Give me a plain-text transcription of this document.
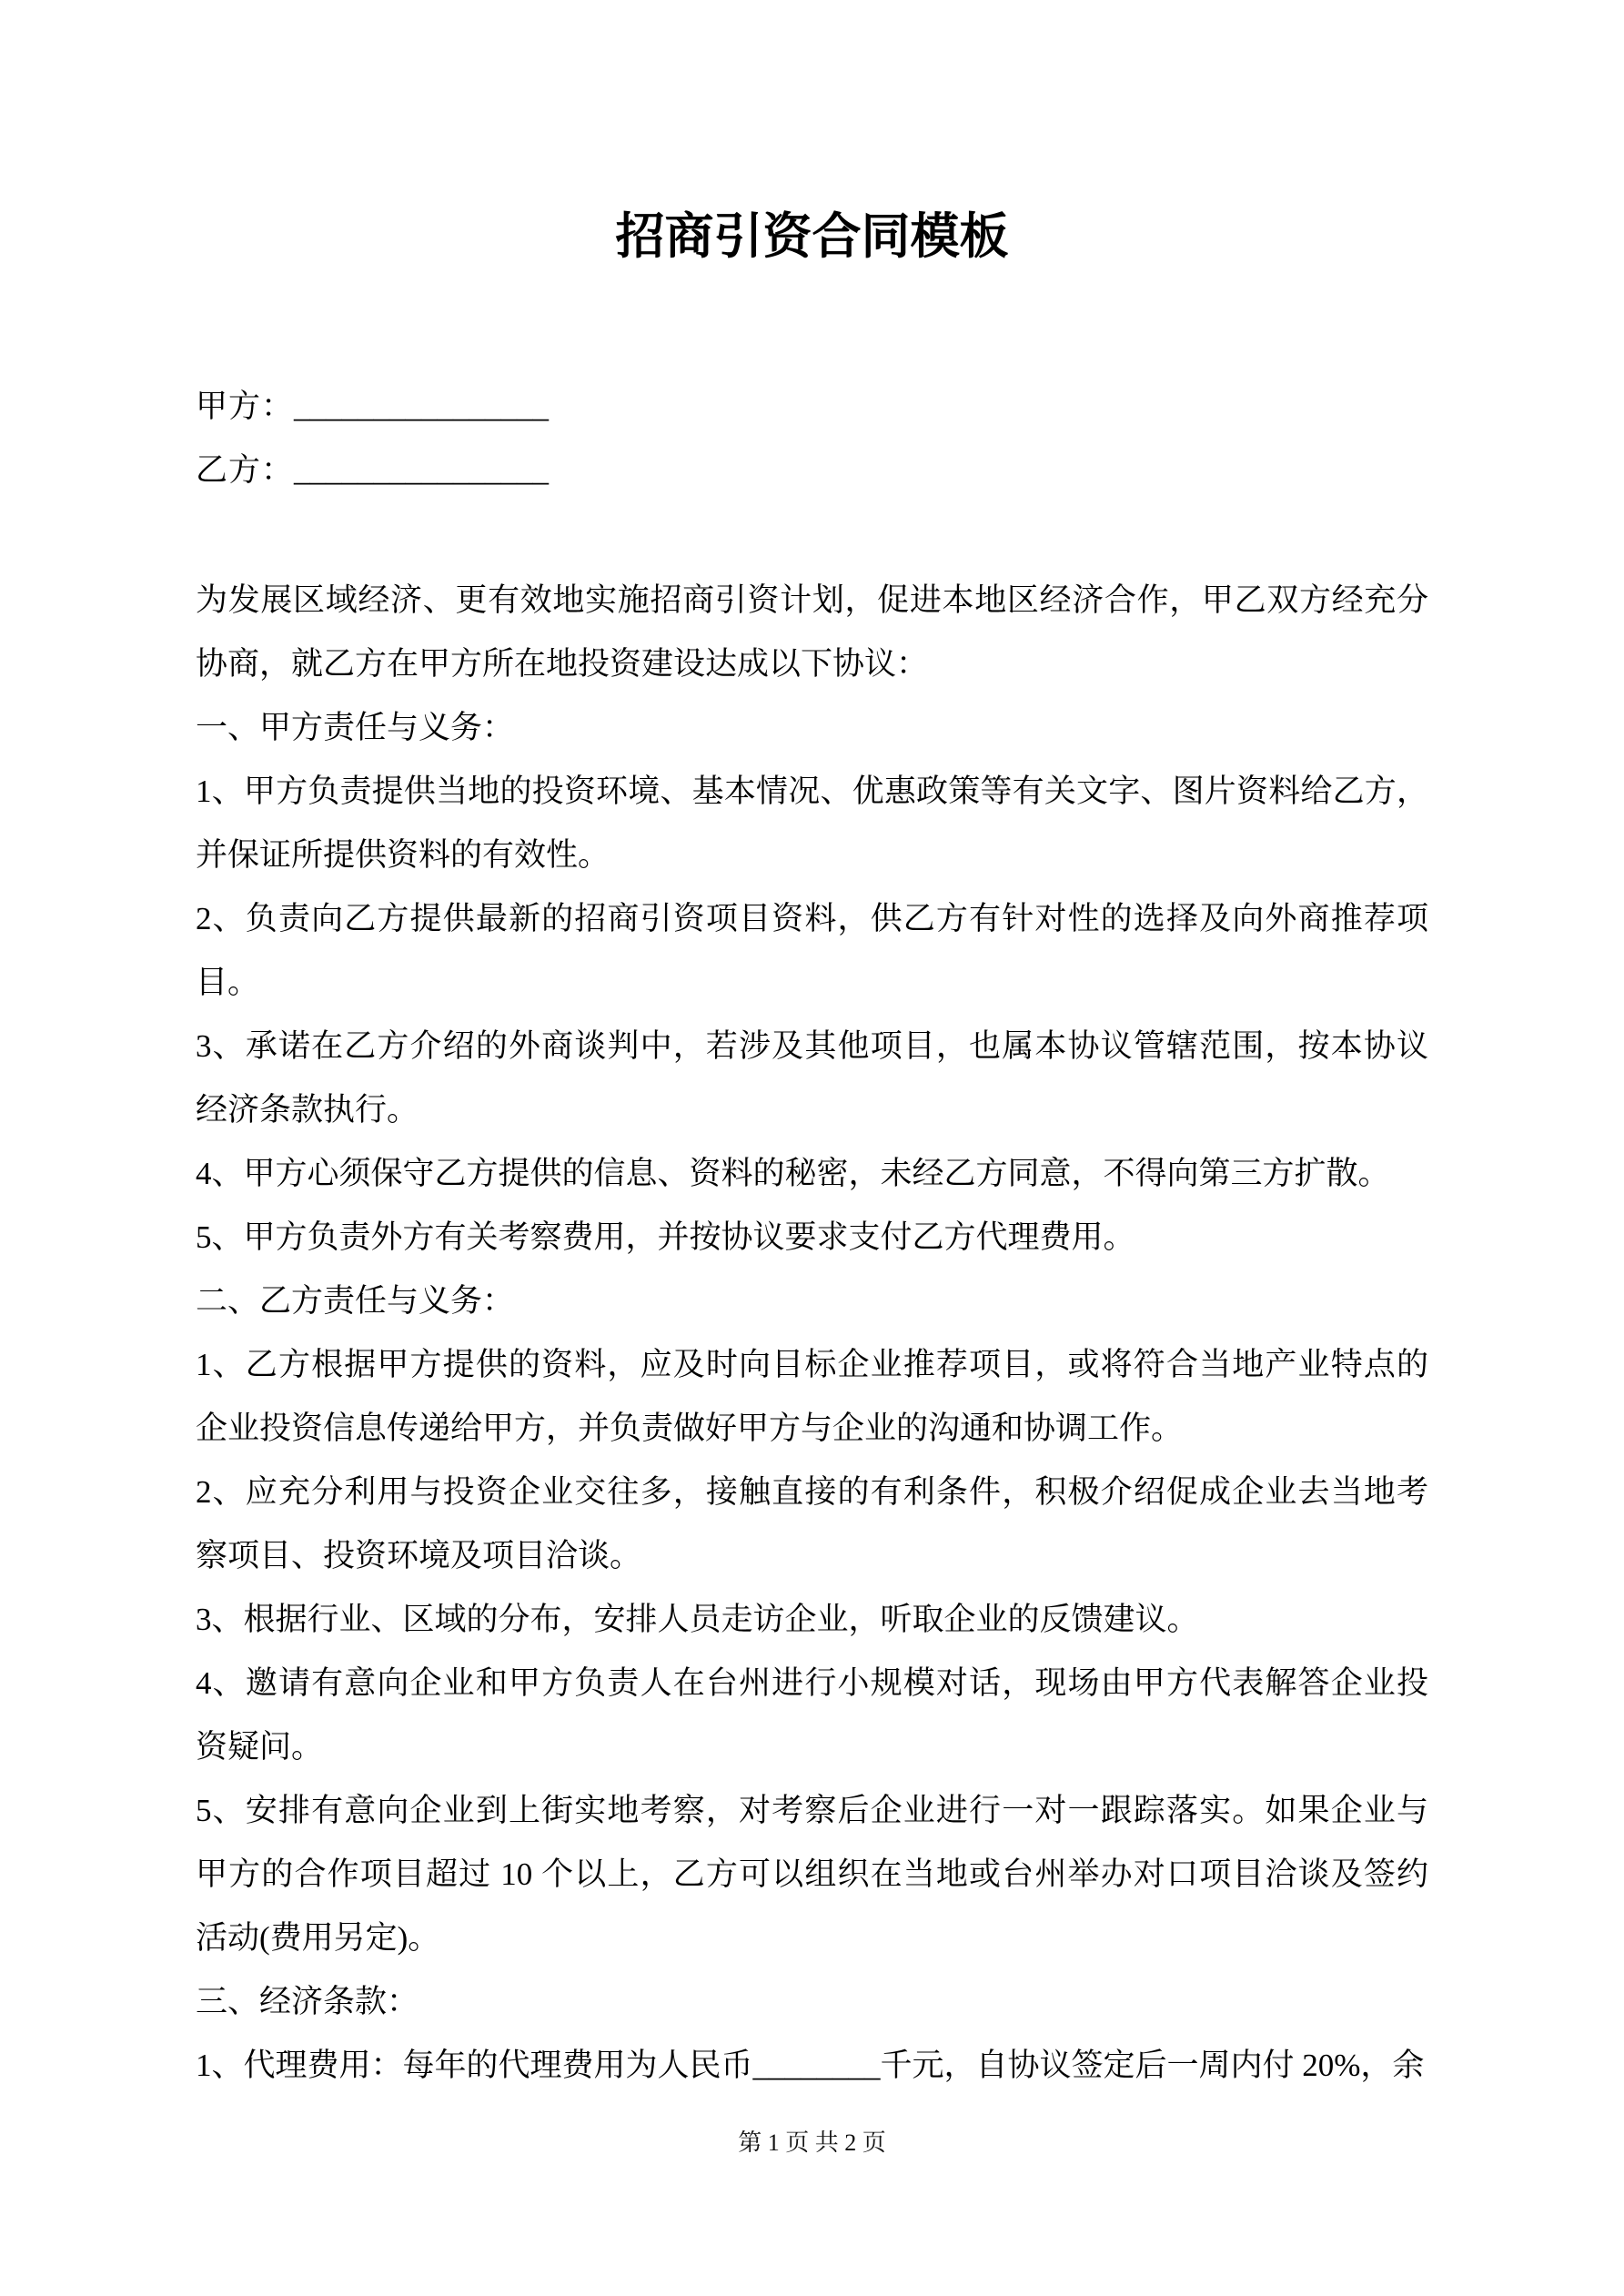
招商引资合同模板
甲方：________________
乙方：________________
为发展区域经济、更有效地实施招商引资计划，促进本地区经济合作，甲乙双方经充分
协商，就乙方在甲方所在地投资建设达成以下协议：
一、甲方责任与义务：
1、甲方负责提供当地的投资环境、基本情况、优惠政策等有关文字、图片资料给乙方，
并保证所提供资料的有效性。
2、负责向乙方提供最新的招商引资项目资料，供乙方有针对性的选择及向外商推荐项
目。
3、承诺在乙方介绍的外商谈判中，若涉及其他项目，也属本协议管辖范围，按本协议
经济条款执行。
4、甲方心须保守乙方提供的信息、资料的秘密，未经乙方同意，不得向第三方扩散。
5、甲方负责外方有关考察费用，并按协议要求支付乙方代理费用。
二、乙方责任与义务：
1、乙方根据甲方提供的资料，应及时向目标企业推荐项目，或将符合当地产业特点的
企业投资信息传递给甲方，并负责做好甲方与企业的沟通和协调工作。
2、应充分利用与投资企业交往多，接触直接的有利条件，积极介绍促成企业去当地考
察项目、投资环境及项目洽谈。
3、根据行业、区域的分布，安排人员走访企业，听取企业的反馈建议。
4、邀请有意向企业和甲方负责人在台州进行小规模对话，现场由甲方代表解答企业投
资疑问。
5、安排有意向企业到上街实地考察，对考察后企业进行一对一跟踪落实。如果企业与
甲方的合作项目超过 10 个以上，乙方可以组织在当地或台州举办对口项目洽谈及签约
活动(费用另定)。
三、经济条款：
1、代理费用：每年的代理费用为人民币________千元，自协议签定后一周内付 20%，余
第 1 页 共 2 页
